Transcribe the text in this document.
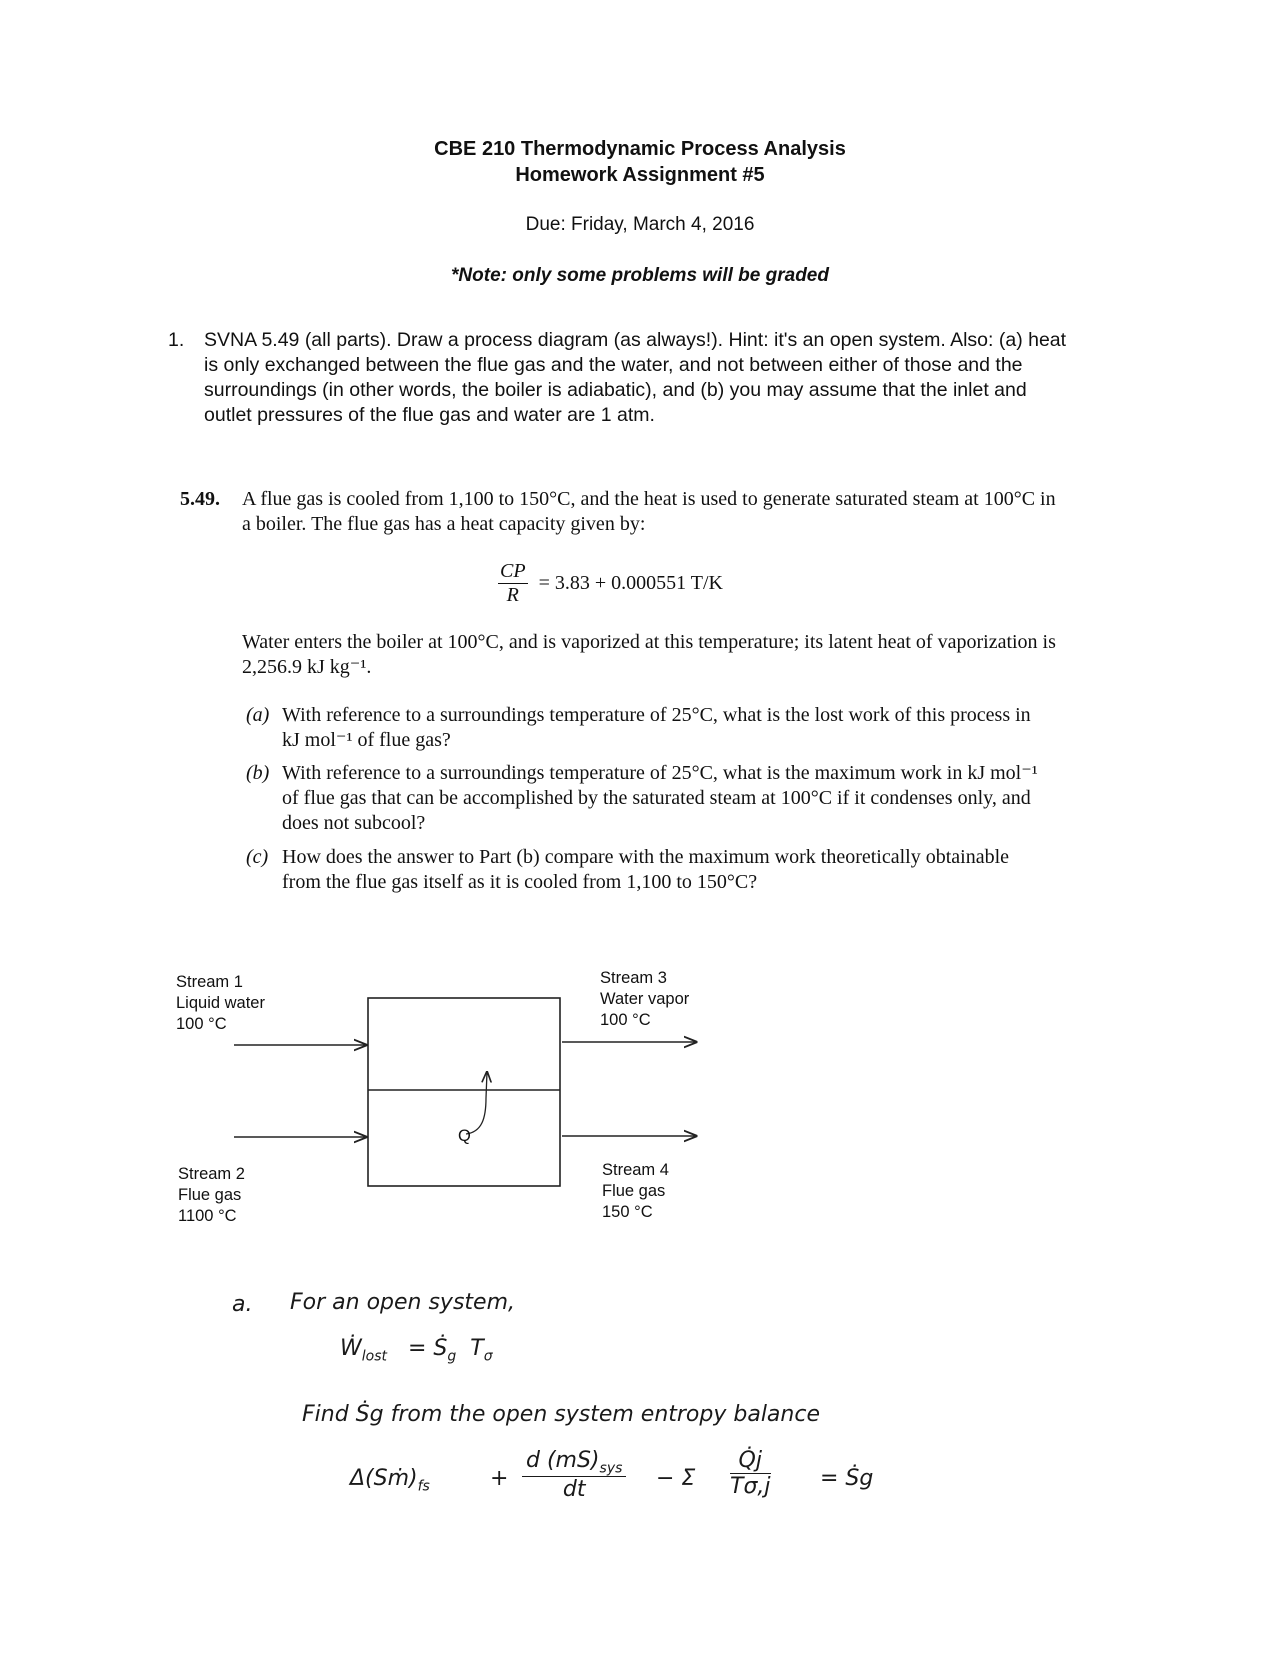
CBE 210 Thermodynamic Process Analysis
Homework Assignment #5
Due: Friday, March 4, 2016
*Note: only some problems will be graded
1. SVNA 5.49 (all parts). Draw a process diagram (as always!). Hint: it's an open system. Also: (a) heat is only exchanged between the flue gas and the water, and not between either of those and the surroundings (in other words, the boiler is adiabatic), and (b) you may assume that the inlet and outlet pressures of the flue gas and water are 1 atm.
5.49. A flue gas is cooled from 1,100 to 150°C, and the heat is used to generate saturated steam at 100°C in a boiler. The flue gas has a heat capacity given by:
$\frac{CP}{R} = 3.83 + 0.000551$ T/K
Water enters the boiler at 100°C, and is vaporized at this temperature; its latent heat of vaporization is 2,256.9 kJ kg⁻¹.
(a) With reference to a surroundings temperature of 25°C, what is the lost work of this process in kJ mol⁻¹ of flue gas?
(b) With reference to a surroundings temperature of 25°C, what is the maximum work in kJ mol⁻¹ of flue gas that can be accomplished by the saturated steam at 100°C if it condenses only, and does not subcool?
(c) How does the answer to Part (b) compare with the maximum work theoretically obtainable from the flue gas itself as it is cooled from 1,100 to 150°C?
Stream 1
Liquid water
100 °C
Stream 2
Flue gas
1100 °C
Stream 3
Water vapor
100 °C
Stream 4
Flue gas
150 °C
Q
a. For an open system,
Ẇ$_{lost}$ = Ṡ$_g$ $T_\sigma$
Find Ṡg from the open system entropy balance
$\Delta(Sṁ)_{fs}$	+
d $(mS)_{sys}$
dt	− Σ
Q̇j
Tσ,j = Ṡg
